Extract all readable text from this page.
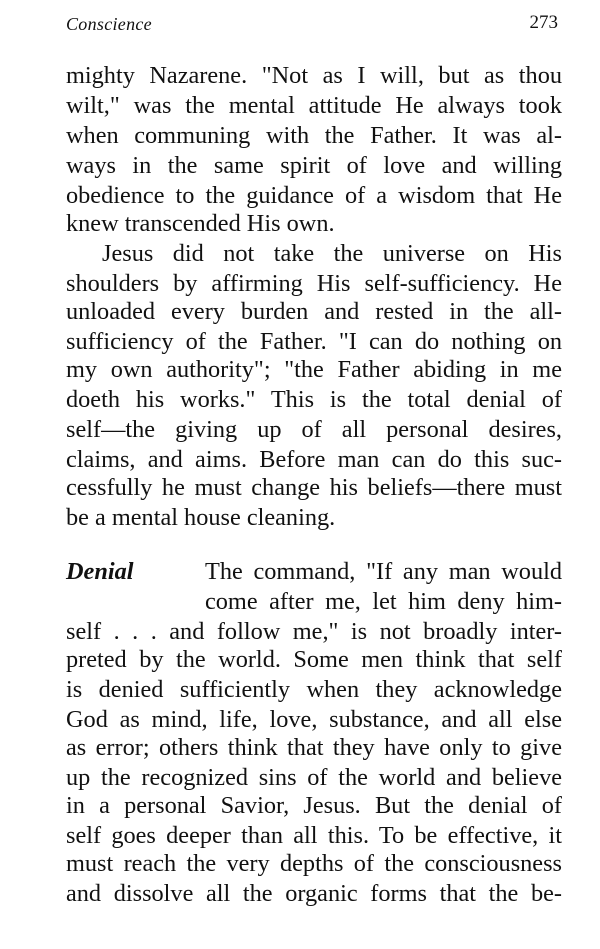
Conscience	273
mighty Nazarene. "Not as I will, but as thou
wilt," was the mental attitude He always took
when communing with the Father. It was al-
ways in the same spirit of love and willing
obedience to the guidance of a wisdom that He
knew transcended His own.
Jesus did not take the universe on His
shoulders by affirming His self-sufficiency. He
unloaded every burden and rested in the all-
sufficiency of the Father. "I can do nothing on
my own authority"; "the Father abiding in me
doeth his works." This is the total denial of
self—the giving up of all personal desires,
claims, and aims. Before man can do this suc-
cessfully he must change his beliefs—there must
be a mental house cleaning.
Denial	The command, "If any man would
come after me, let him deny him-
self . . . and follow me," is not broadly inter-
preted by the world. Some men think that self
is denied sufficiently when they acknowledge
God as mind, life, love, substance, and all else
as error; others think that they have only to give
up the recognized sins of the world and believe
in a personal Savior, Jesus. But the denial of
self goes deeper than all this. To be effective, it
must reach the very depths of the consciousness
and dissolve all the organic forms that the be-
